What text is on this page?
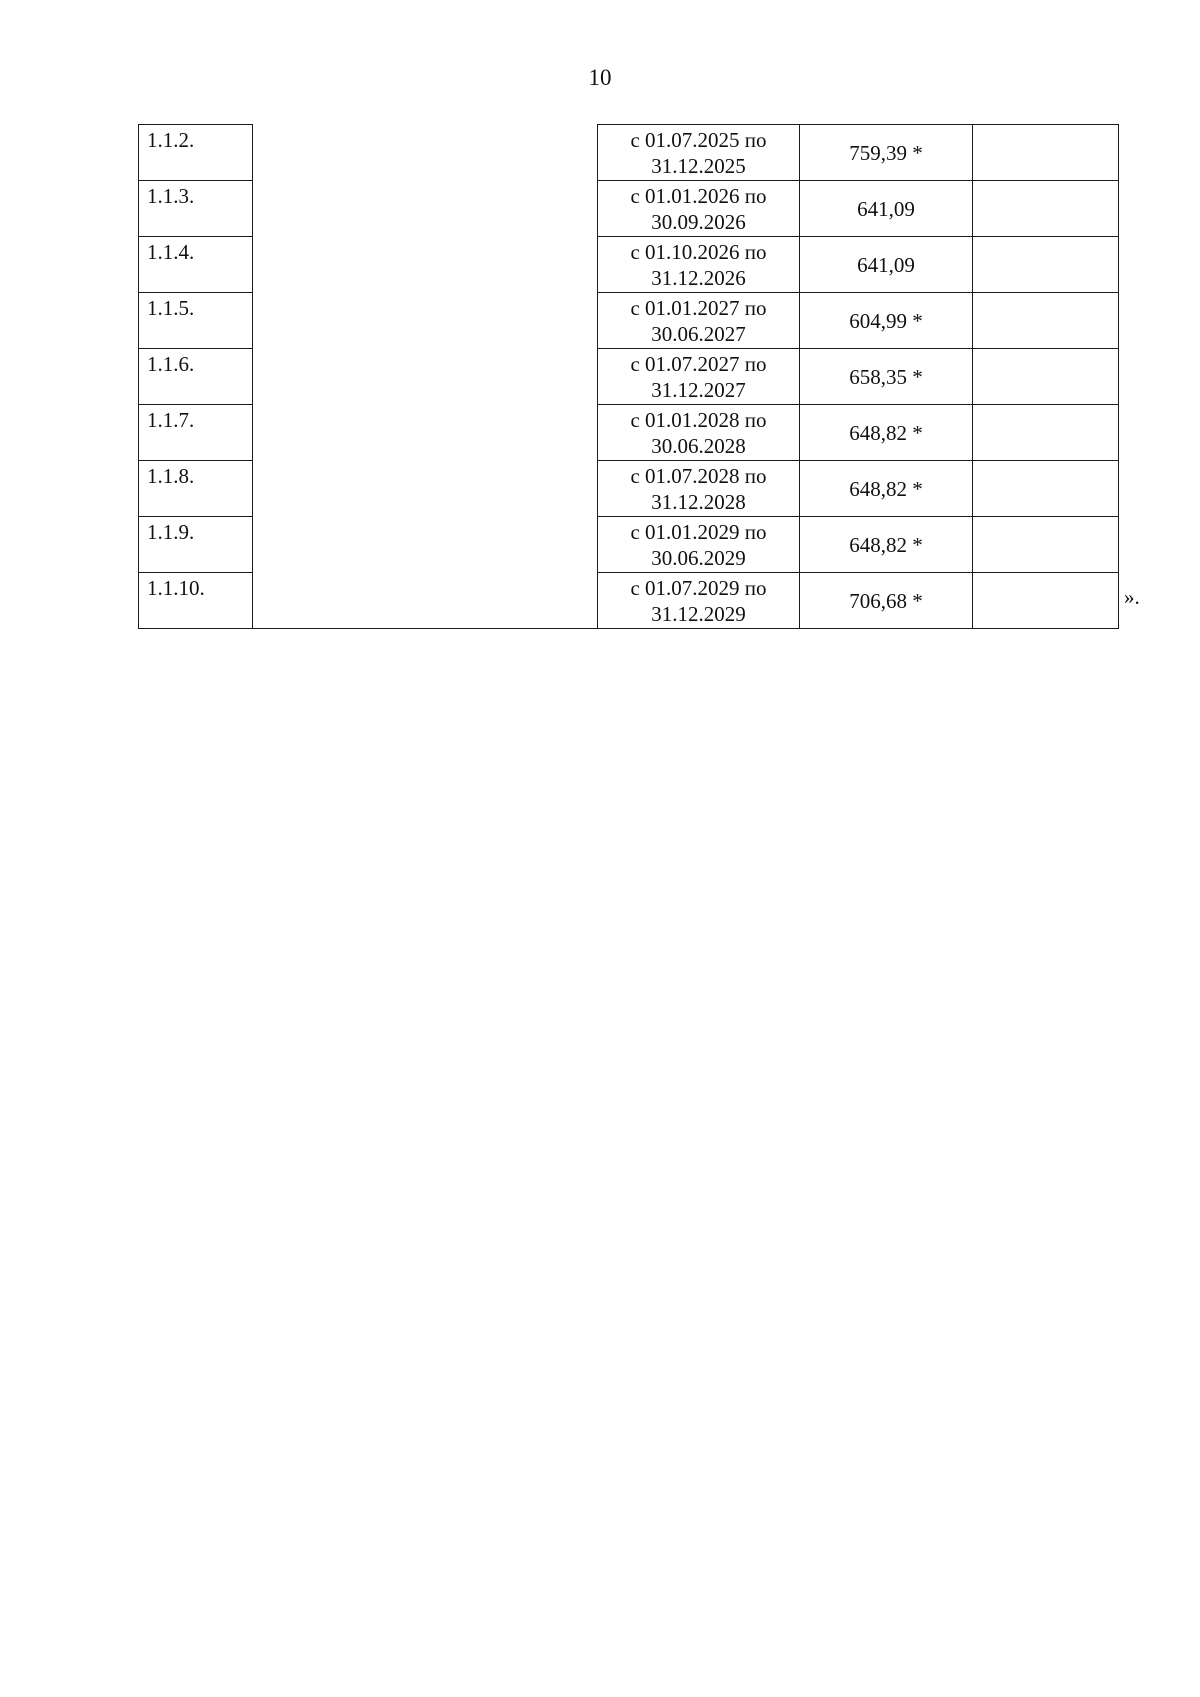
10
1.1.2.		с 01.07.2025 по
31.12.2025	759,39 *	
1.1.3.		с 01.01.2026 по
30.09.2026	641,09	
1.1.4.		с 01.10.2026 по
31.12.2026	641,09	
1.1.5.		с 01.01.2027 по
30.06.2027	604,99 *	
1.1.6.		с 01.07.2027 по
31.12.2027	658,35 *	
1.1.7.		с 01.01.2028 по
30.06.2028	648,82 *	
1.1.8.		с 01.07.2028 по
31.12.2028	648,82 *	
1.1.9.		с 01.01.2029 по
30.06.2029	648,82 *	
1.1.10.		с 01.07.2029 по
31.12.2029	706,68 *		».
